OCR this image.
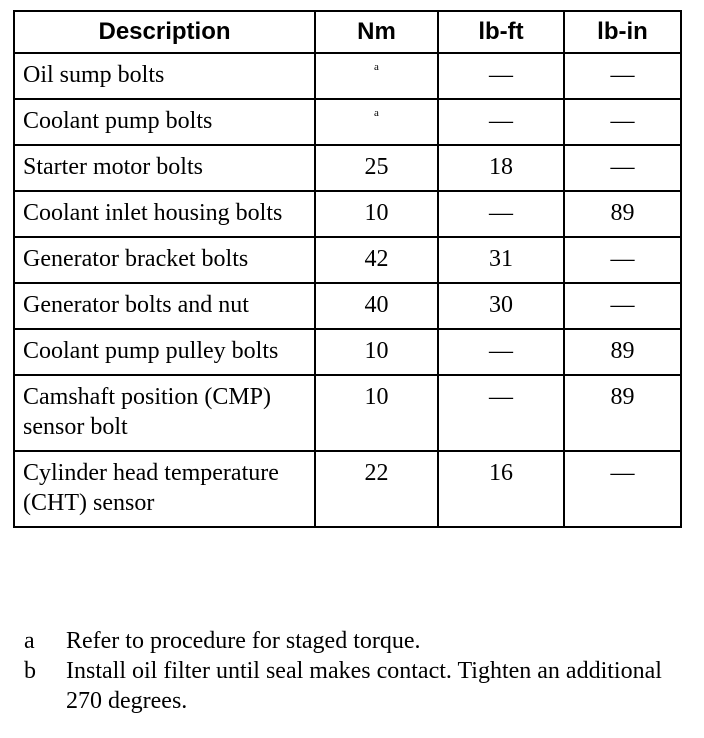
Description	Nm	lb-ft	lb-in
Oil sump bolts	$^a$	—	—
Coolant pump bolts	$^a$	—	—
Starter motor bolts	25	18	—
Coolant inlet housing bolts	10	—	89
Generator bracket bolts	42	31	—
Generator bolts and nut	40	30	—
Coolant pump pulley bolts	10	—	89
Camshaft position (CMP) sensor bolt	10	—	89
Cylinder head temperature (CHT) sensor	22	16	—
a	Refer to procedure for staged torque.
b	Install oil filter until seal makes contact. Tighten an additional 270 degrees.
